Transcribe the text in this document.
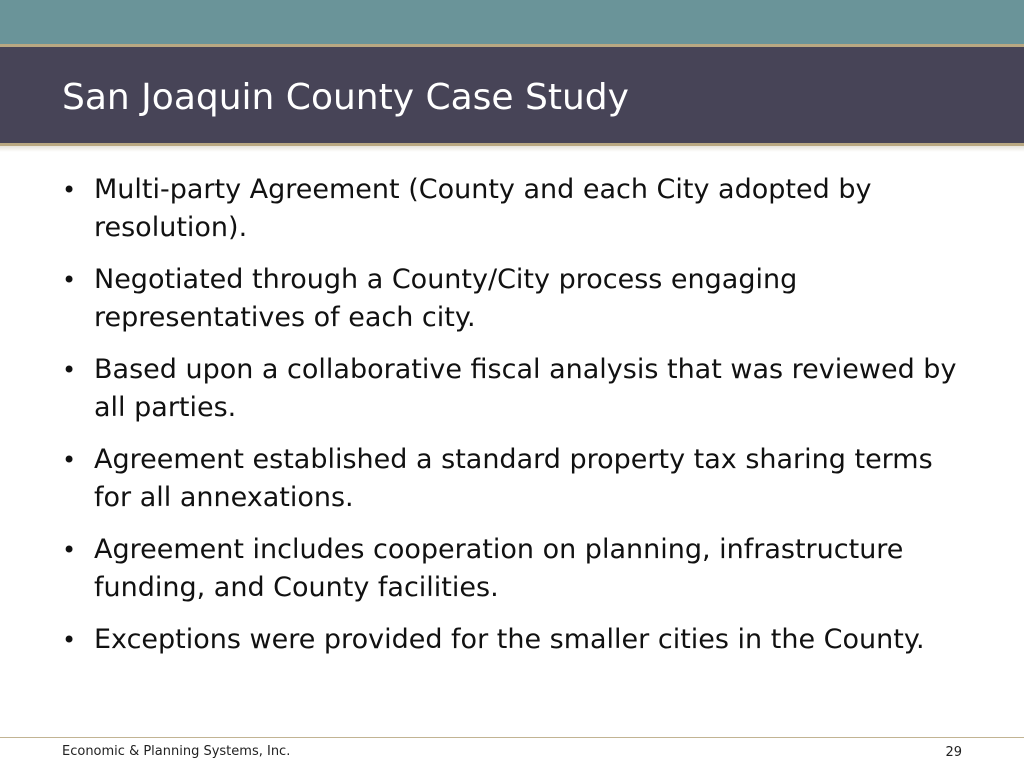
San Joaquin County Case Study
• Multi-party Agreement (County and each City adopted by resolution).
• Negotiated through a County/City process engaging representatives of each city.
• Based upon a collaborative fiscal analysis that was reviewed by all parties.
• Agreement established a standard property tax sharing terms for all annexations.
• Agreement includes cooperation on planning, infrastructure funding, and County facilities.
• Exceptions were provided for the smaller cities in the County.
Economic & Planning Systems, Inc.	29
